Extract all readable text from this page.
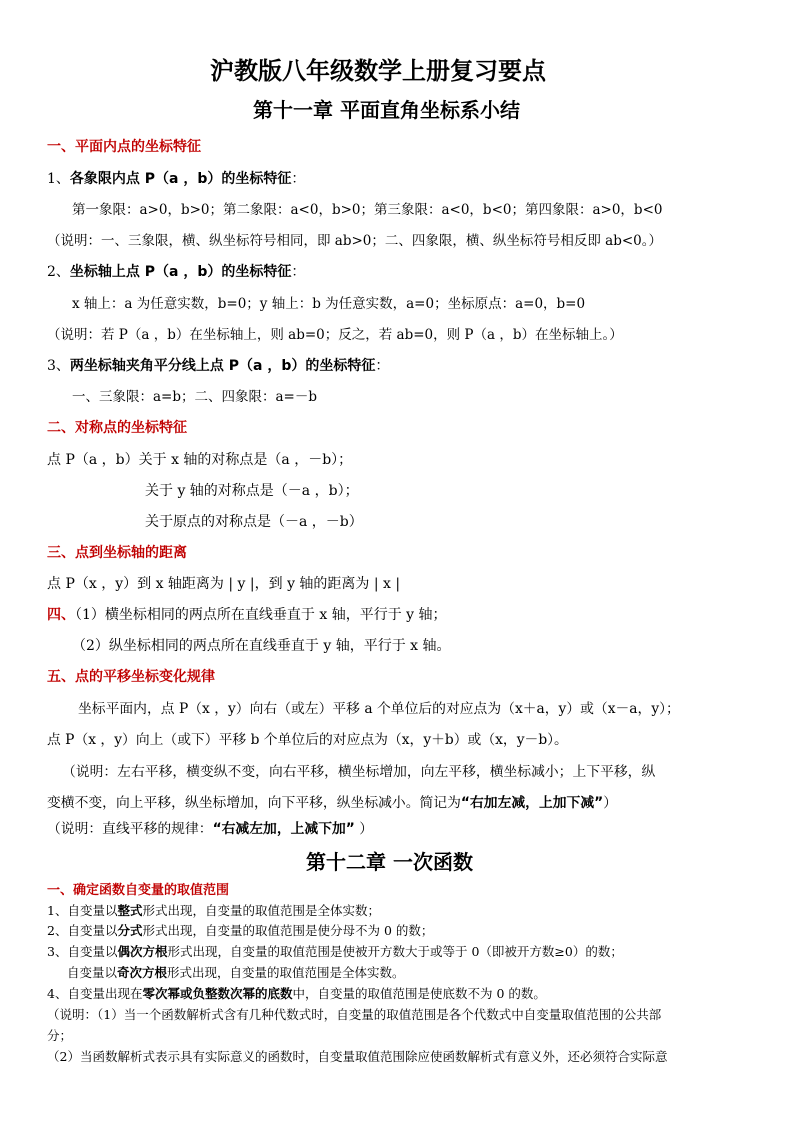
沪教版八年级数学上册复习要点
第十一章 平面直角坐标系小结
一、平面内点的坐标特征
1、各象限内点 P（a ，b）的坐标特征：
第一象限：a>0，b>0；第二象限：a<0，b>0；第三象限：a<0，b<0；第四象限：a>0，b<0
（说明：一、三象限，横、纵坐标符号相同，即 ab>0；二、四象限，横、纵坐标符号相反即 ab<0。）
2、坐标轴上点 P（a ，b）的坐标特征：
x 轴上：a 为任意实数，b=0；y 轴上：b 为任意实数，a=0；坐标原点：a=0，b=0
（说明：若 P（a ，b）在坐标轴上，则 ab=0；反之，若 ab=0，则 P（a ，b）在坐标轴上。）
3、两坐标轴夹角平分线上点 P（a ，b）的坐标特征：
一、三象限：a=b；二、四象限：a=－b
二、对称点的坐标特征
点 P（a ，b）关于 x 轴的对称点是（a ，－b）；
关于 y 轴的对称点是（－a ，b）；
关于原点的对称点是（－a ，－b）
三、点到坐标轴的距离
点 P（x ，y）到 x 轴距离为 | y |，到 y 轴的距离为 | x |
四、（1）横坐标相同的两点所在直线垂直于 x 轴，平行于 y 轴；
（2）纵坐标相同的两点所在直线垂直于 y 轴，平行于 x 轴。
五、点的平移坐标变化规律
坐标平面内，点 P（x ，y）向右（或左）平移 a 个单位后的对应点为（x＋a，y）或（x－a，y）；
点 P（x ，y）向上（或下）平移 b 个单位后的对应点为（x，y＋b）或（x，y－b）。
（说明：左右平移，横变纵不变，向右平移，横坐标增加，向左平移，横坐标减小；上下平移，纵
变横不变，向上平移，纵坐标增加，向下平移，纵坐标减小。简记为“右加左减，上加下减”）
（说明：直线平移的规律：“右减左加，上减下加” ）
第十二章 一次函数
一、确定函数自变量的取值范围
1、自变量以整式形式出现，自变量的取值范围是全体实数；
2、自变量以分式形式出现，自变量的取值范围是使分母不为 0 的数；
3、自变量以偶次方根形式出现，自变量的取值范围是使被开方数大于或等于 0（即被开方数≥0）的数；
自变量以奇次方根形式出现，自变量的取值范围是全体实数。
4、自变量出现在零次幂或负整数次幂的底数中，自变量的取值范围是使底数不为 0 的数。
（说明：（1）当一个函数解析式含有几种代数式时，自变量的取值范围是各个代数式中自变量取值范围的公共部
分；
（2）当函数解析式表示具有实际意义的函数时，自变量取值范围除应使函数解析式有意义外，还必须符合实际意
